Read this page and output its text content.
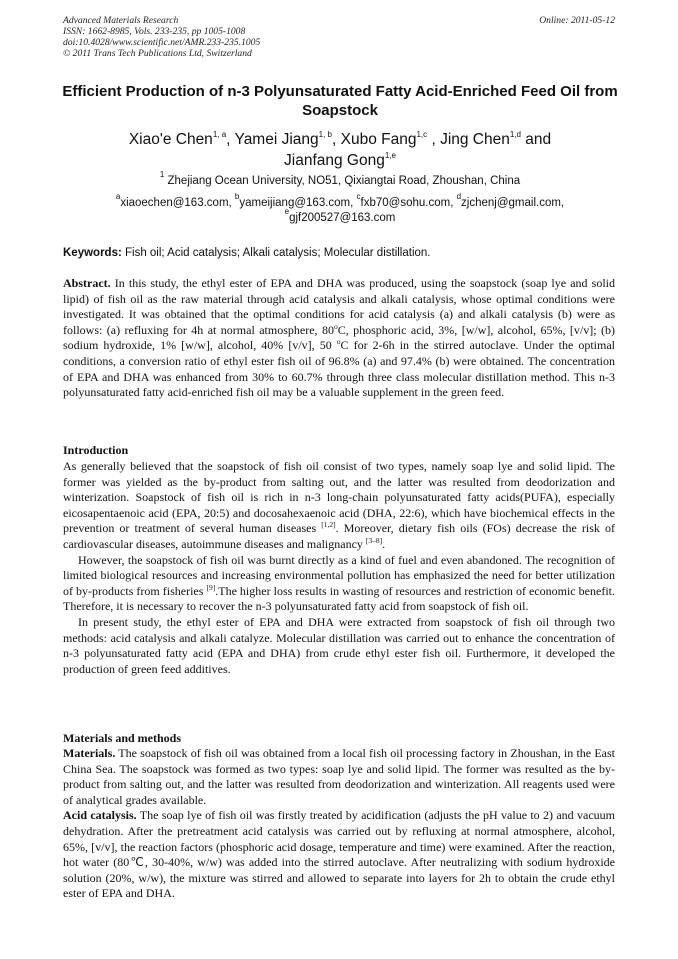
Advanced Materials Research
ISSN: 1662-8985, Vols. 233-235, pp 1005-1008
doi:10.4028/www.scientific.net/AMR.233-235.1005
© 2011 Trans Tech Publications Ltd, Switzerland
Online: 2011-05-12
Efficient Production of n-3 Polyunsaturated Fatty Acid-Enriched Feed Oil from Soapstock
Xiao'e Chen$^{1, a}$, Yamei Jiang$^{1, b}$, Xubo Fang$^{1,c}$ , Jing Chen$^{1,d}$ and
Jianfang Gong$^{1,e}$
$^1$ Zhejiang Ocean University, NO51, Qixiangtai Road, Zhoushan, China
$^a$xiaoechen@163.com, $^b$yameijiang@163.com, $^c$fxb70@sohu.com, $^d$zjchenj@gmail.com,
$^e$gjf200527@163.com
Keywords: Fish oil; Acid catalysis; Alkali catalysis; Molecular distillation.

Abstract. In this study, the ethyl ester of EPA and DHA was produced, using the soapstock (soap lye and solid lipid) of fish oil as the raw material through acid catalysis and alkali catalysis, whose optimal conditions were investigated. It was obtained that the optimal conditions for acid catalysis (a) and alkali catalysis (b) were as follows: (a) refluxing for 4h at normal atmosphere, 80$^o$C, phosphoric acid, 3%, [w/w], alcohol, 65%, [v/v]; (b) sodium hydroxide, 1% [w/w], alcohol, 40% [v/v], 50 $^o$C for 2-6h in the stirred autoclave. Under the optimal conditions, a conversion ratio of ethyl ester fish oil of 96.8% (a) and 97.4% (b) were obtained. The concentration of EPA and DHA was enhanced from 30% to 60.7% through three class molecular distillation method. This n-3 polyunsaturated fatty acid-enriched fish oil may be a valuable supplement in the green feed.

Introduction

As generally believed that the soapstock of fish oil consist of two types, namely soap lye and solid lipid. The former was yielded as the by-product from salting out, and the latter was resulted from deodorization and winterization. Soapstock of fish oil is rich in n-3 long-chain polyunsaturated fatty acids(PUFA), especially eicosapentaenoic acid (EPA, 20:5) and docosahexaenoic acid (DHA, 22:6), which have biochemical effects in the prevention or treatment of several human diseases [1,2]. Moreover, dietary fish oils (FOs) decrease the risk of cardiovascular diseases, autoimmune diseases and malignancy [3–8].

However, the soapstock of fish oil was burnt directly as a kind of fuel and even abandoned. The recognition of limited biological resources and increasing environmental pollution has emphasized the need for better utilization of by-products from fisheries [9].The higher loss results in wasting of resources and restriction of economic benefit. Therefore, it is necessary to recover the n-3 polyunsaturated fatty acid from soapstock of fish oil.

In present study, the ethyl ester of EPA and DHA were extracted from soapstock of fish oil through two methods: acid catalysis and alkali catalyze. Molecular distillation was carried out to enhance the concentration of n-3 polyunsaturated fatty acid (EPA and DHA) from crude ethyl ester fish oil. Furthermore, it developed the production of green feed additives.

Materials and methods

Materials. The soapstock of fish oil was obtained from a local fish oil processing factory in Zhoushan, in the East China Sea. The soapstock was formed as two types: soap lye and solid lipid. The former was resulted as the by-product from salting out, and the latter was resulted from deodorization and winterization. All reagents used were of analytical grades available.

Acid catalysis. The soap lye of fish oil was firstly treated by acidification (adjusts the pH value to 2) and vacuum dehydration. After the pretreatment acid catalysis was carried out by refluxing at normal atmosphere, alcohol, 65%, [v/v], the reaction factors (phosphoric acid dosage, temperature and time) were examined. After the reaction, hot water (80℃, 30-40%, w/w) was added into the stirred autoclave. After neutralizing with sodium hydroxide solution (20%, w/w), the mixture was stirred and allowed to separate into layers for 2h to obtain the crude ethyl ester of EPA and DHA.
